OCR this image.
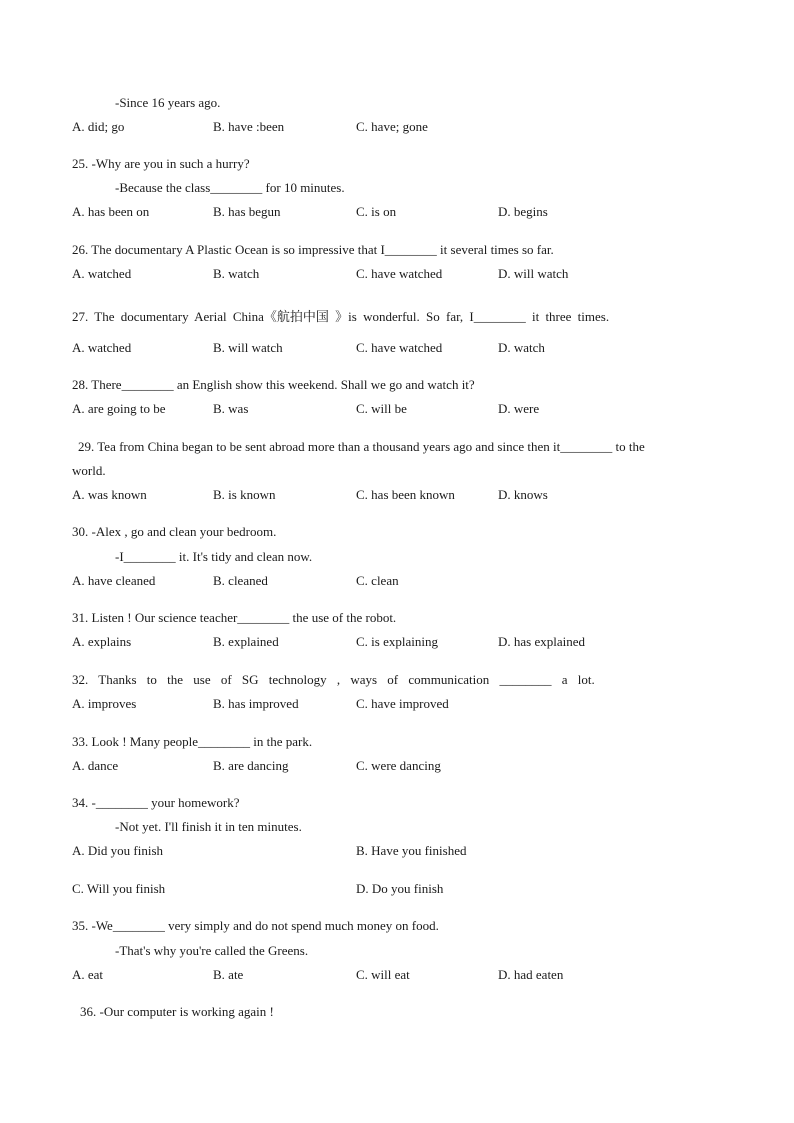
-Since 16 years ago.
A. did; go	B. have :been	C. have; gone
25. -Why are you in such a hurry?
-Because the class________ for 10 minutes.
A. has been on	B. has begun	C. is on	D. begins
26. The documentary A Plastic Ocean is so impressive that I________ it several times so far.
A. watched	B. watch	C. have watched	D. will watch
27. The documentary Aerial China《航拍中国 》is wonderful. So far, I________ it three times.
A. watched	B. will watch	C. have watched	D. watch
28. There________ an English show this weekend. Shall we go and watch it?
A. are going to be	B. was	C. will be	D. were
29. Tea from China began to be sent abroad more than a thousand years ago and since then it________ to the
world.
A. was known	B. is known	C. has been known	D. knows
30. -Alex , go and clean your bedroom.
-I________ it. It's tidy and clean now.
A. have cleaned	B. cleaned	C. clean
31. Listen ! Our science teacher________ the use of the robot.
A. explains	B. explained	C. is explaining	D. has explained
32. Thanks to the use of SG technology , ways of communication ________ a lot.
A. improves	B. has improved	C. have improved
33. Look ! Many people________ in the park.
A. dance	B. are dancing	C. were dancing
34. -________ your homework?
-Not yet. I'll finish it in ten minutes.
A. Did you finish	B. Have you finished
C. Will you finish	D. Do you finish
35. -We________ very simply and do not spend much money on food.
-That's why you're called the Greens.
A. eat	B. ate	C. will eat	D. had eaten
36. -Our computer is working again !
